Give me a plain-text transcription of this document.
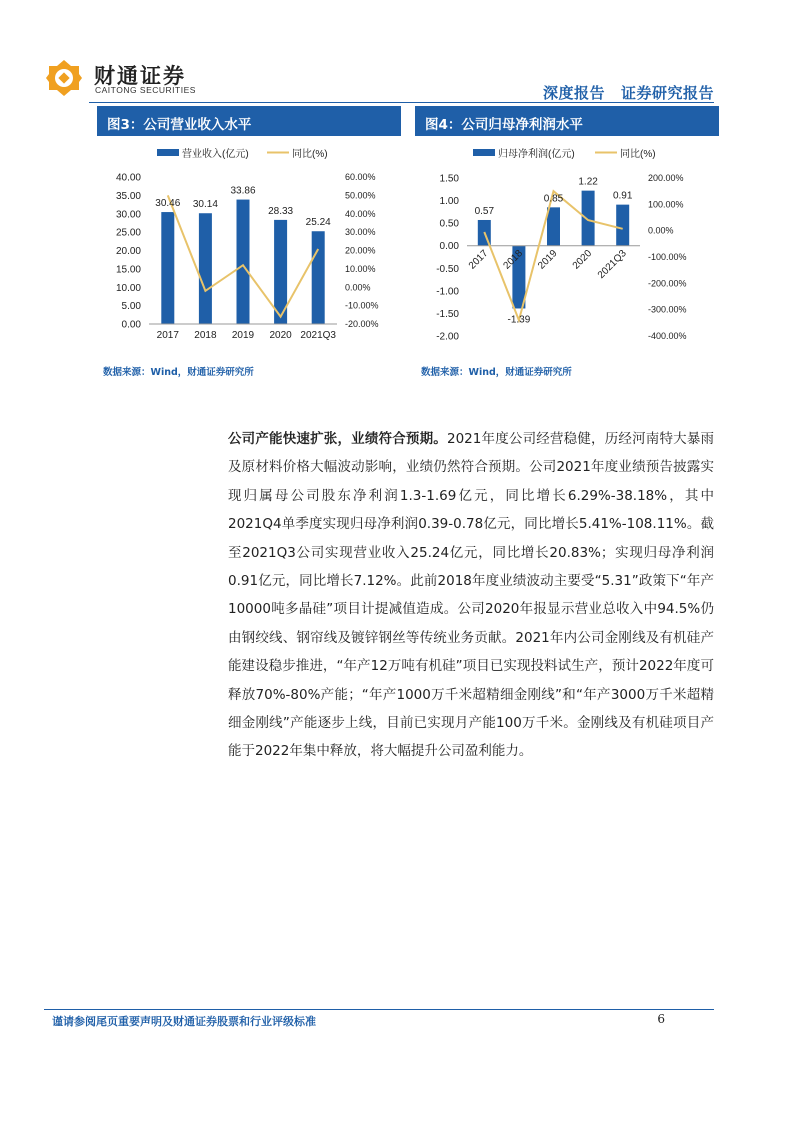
财通证券
CAITONG SECURITIES	深度报告 证券研究报告
图3：公司营业收入水平	图4：公司归母净利润水平
营业收入(亿元)	同比(%)
0.00
5.00
10.00
15.00
20.00
25.00
30.00
35.00
40.00
-20.00%
-10.00%
0.00%
10.00%
20.00%
30.00%
40.00%
50.00%
60.00%
30.46 30.14
33.86
28.33
25.24
2017 2018 2019 2020 2021Q3
归母净利润(亿元)	同比(%)
-2.00
-1.50
-1.00
-0.50
0.00
0.50
1.00
1.50
-400.00%
-300.00%
-200.00%
-100.00%
0.00%
100.00%
200.00%
0.57
-1.39
0.85
1.22
0.91
2017 2018 2019 2020 2021Q3
数据来源：Wind，财通证券研究所	数据来源：Wind，财通证券研究所
公司产能快速扩张，业绩符合预期。2021年度公司经营稳健，历经河南特大暴雨及原材料价格大幅波动影响，业绩仍然符合预期。公司2021年度业绩预告披露实现归属母公司股东净利润1.3-1.69亿元，同比增长6.29%-38.18%，其中2021Q4单季度实现归母净利润0.39-0.78亿元，同比增长5.41%-108.11%。截至2021Q3公司实现营业收入25.24亿元，同比增长20.83%；实现归母净利润0.91亿元，同比增长7.12%。此前2018年度业绩波动主要受“5.31”政策下“年产10000吨多晶硅”项目计提减值造成。公司2020年报显示营业总收入中94.5%仍由钢绞线、钢帘线及镀锌钢丝等传统业务贡献。2021年内公司金刚线及有机硅产能建设稳步推进，“年产12万吨有机硅”项目已实现投料试生产，预计2022年度可释放70%-80%产能；“年产1000万千米超精细金刚线”和“年产3000万千米超精细金刚线”产能逐步上线，目前已实现月产能100万千米。金刚线及有机硅项目产能于2022年集中释放，将大幅提升公司盈利能力。
谨请参阅尾页重要声明及财通证券股票和行业评级标准	6
